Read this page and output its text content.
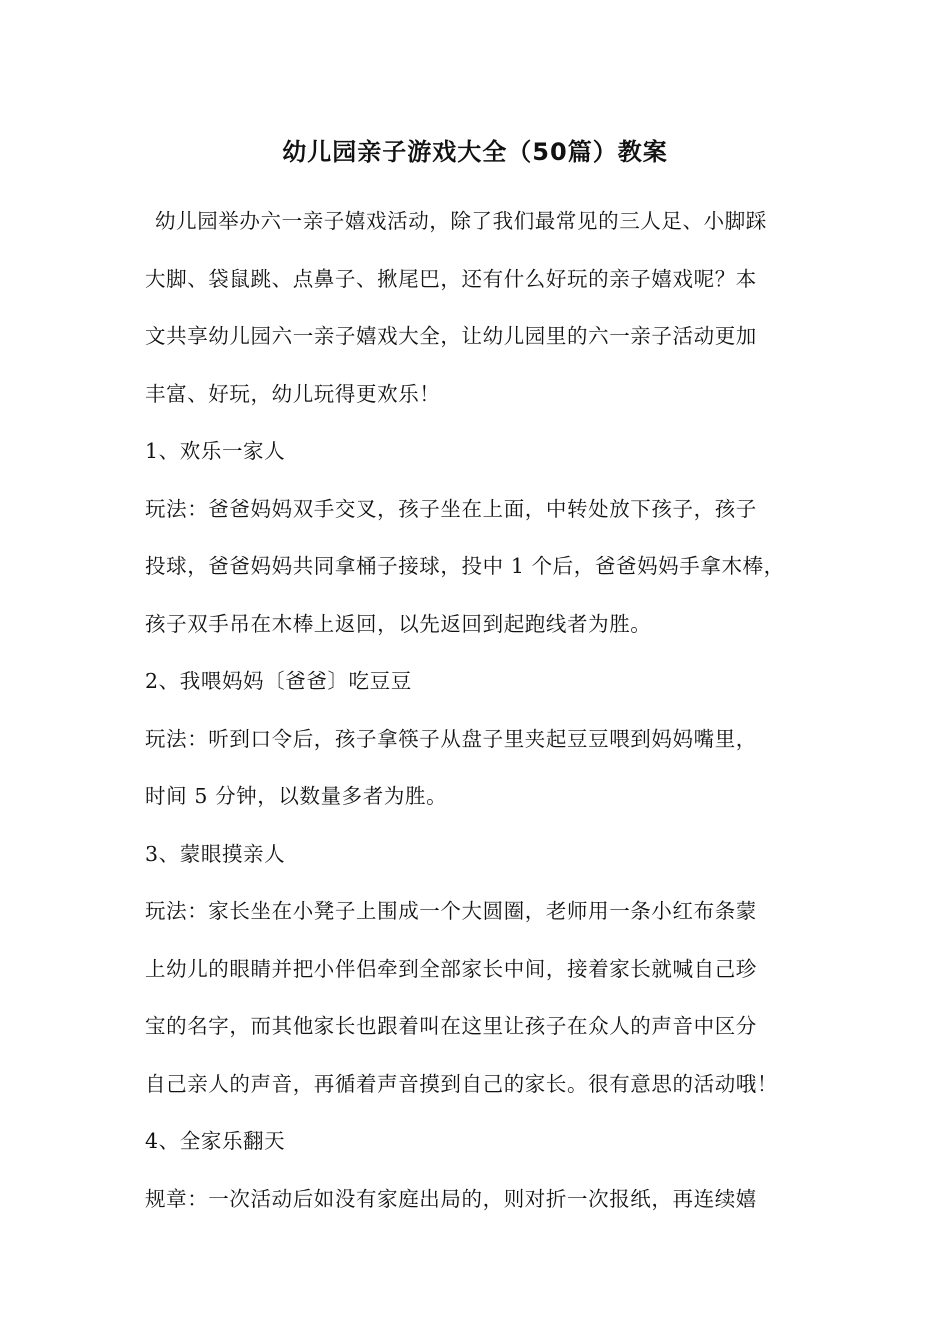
幼儿园亲子游戏大全（50篇）教案
幼儿园举办六一亲子嬉戏活动，除了我们最常见的三人足、小脚踩
大脚、袋鼠跳、点鼻子、揪尾巴，还有什么好玩的亲子嬉戏呢？本
文共享幼儿园六一亲子嬉戏大全，让幼儿园里的六一亲子活动更加
丰富、好玩，幼儿玩得更欢乐！
1、欢乐一家人
玩法：爸爸妈妈双手交叉，孩子坐在上面，中转处放下孩子，孩子
投球，爸爸妈妈共同拿桶子接球，投中 1 个后，爸爸妈妈手拿木棒，
孩子双手吊在木棒上返回，以先返回到起跑线者为胜。
2、我喂妈妈〔爸爸〕吃豆豆
玩法：听到口令后，孩子拿筷子从盘子里夹起豆豆喂到妈妈嘴里，
时间 5 分钟，以数量多者为胜。
3、蒙眼摸亲人
玩法：家长坐在小凳子上围成一个大圆圈，老师用一条小红布条蒙
上幼儿的眼睛并把小伴侣牵到全部家长中间，接着家长就喊自己珍
宝的名字，而其他家长也跟着叫在这里让孩子在众人的声音中区分
自己亲人的声音，再循着声音摸到自己的家长。很有意思的活动哦！
4、全家乐翻天
规章：一次活动后如没有家庭出局的，则对折一次报纸，再连续嬉
